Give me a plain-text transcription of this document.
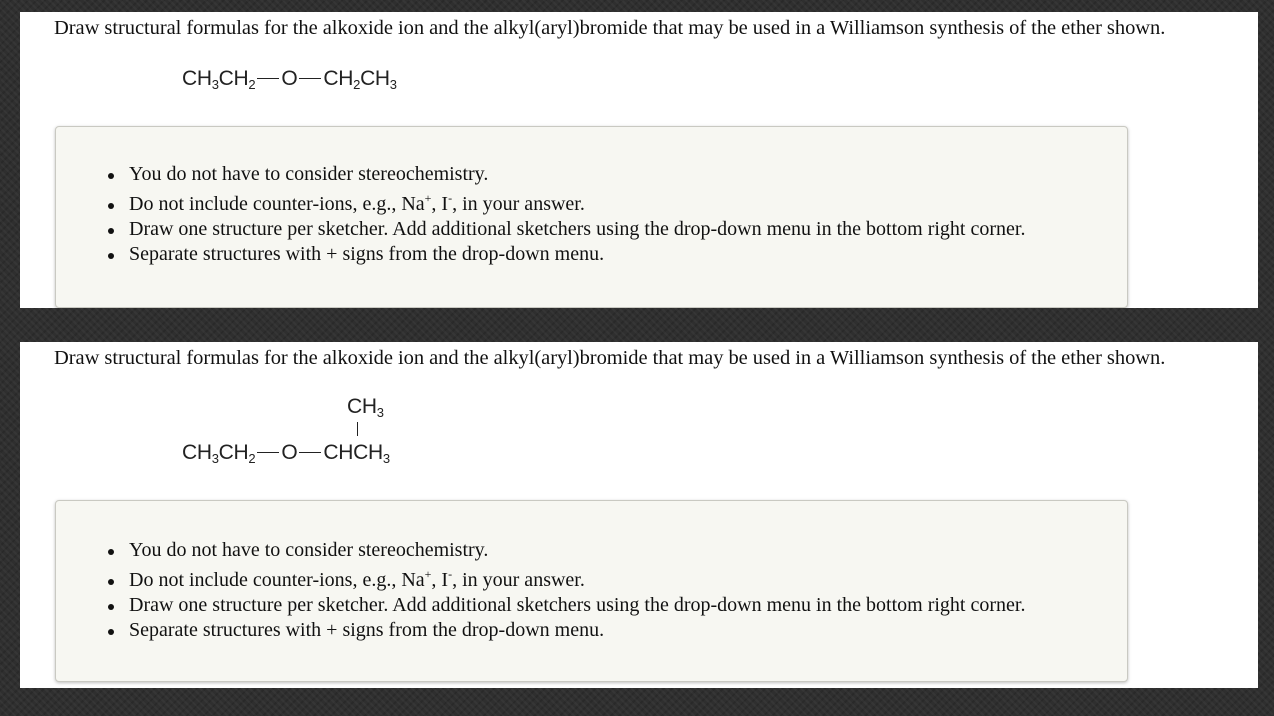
Draw structural formulas for the alkoxide ion and the alkyl(aryl)bromide that may be used in a Williamson synthesis of the ether shown.
$CH_3CH_2$ O $CH_2CH_3$
You do not have to consider stereochemistry.
Do not include counter-ions, e.g., Na+, I-, in your answer.
Draw one structure per sketcher. Add additional sketchers using the drop-down menu in the bottom right corner.
Separate structures with + signs from the drop-down menu.
Draw structural formulas for the alkoxide ion and the alkyl(aryl)bromide that may be used in a Williamson synthesis of the ether shown.
$CH_3$
$CH_3CH_2$ O $CHCH_3$
You do not have to consider stereochemistry.
Do not include counter-ions, e.g., Na+, I-, in your answer.
Draw one structure per sketcher. Add additional sketchers using the drop-down menu in the bottom right corner.
Separate structures with + signs from the drop-down menu.
